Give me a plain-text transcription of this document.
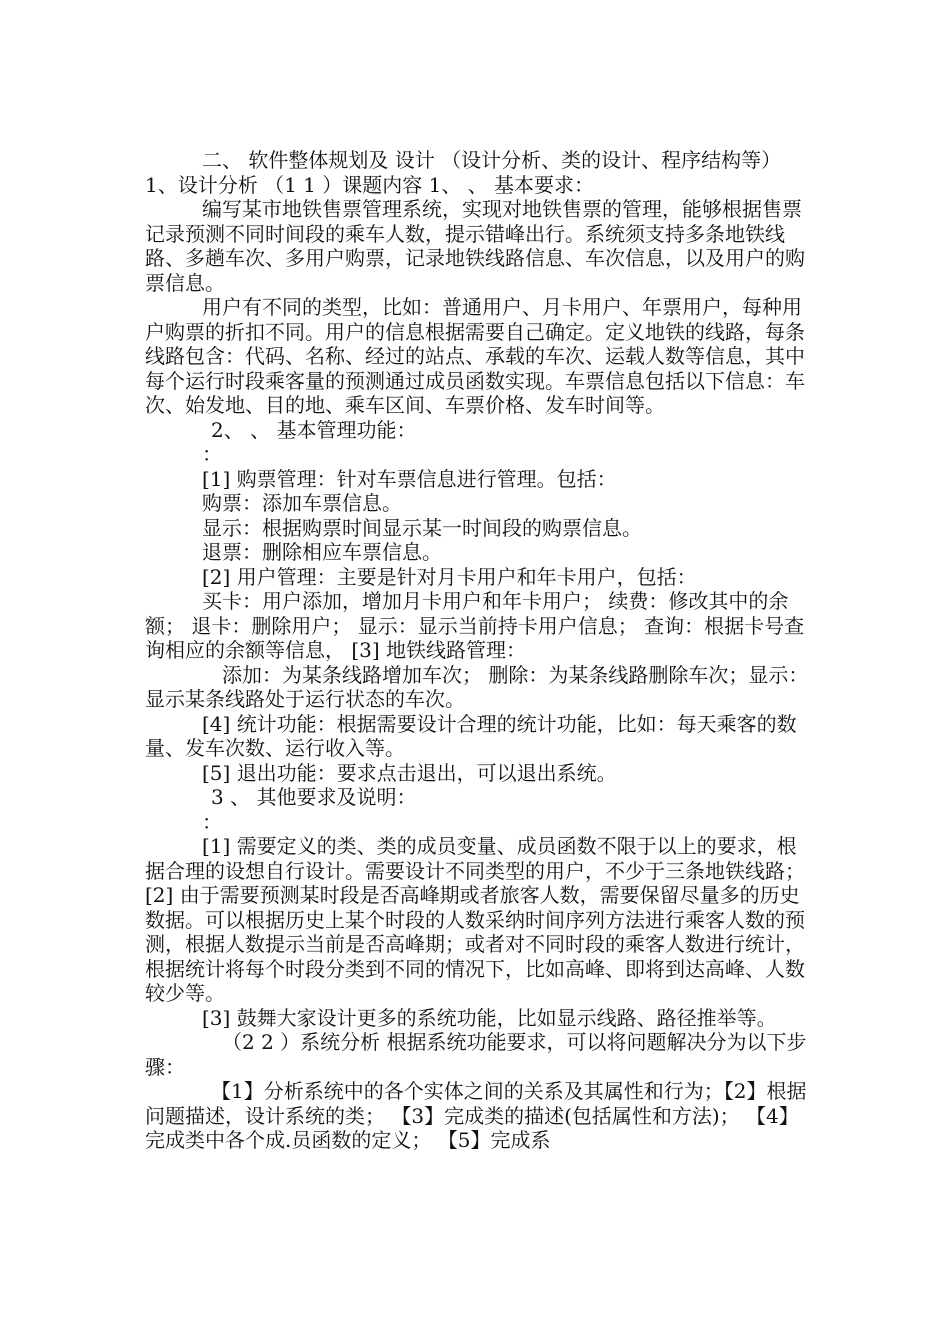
二、 软件整体规划及 设计 （设计分析、类的设计、程序结构等） 1、设计分析 （1 1 ）课题内容 1、 、 基本要求：

编写某市地铁售票管理系统，实现对地铁售票的管理，能够根据售票记录预测不同时间段的乘车人数，提示错峰出行。系统须支持多条地铁线路、多趟车次、多用户购票，记录地铁线路信息、车次信息，以及用户的购票信息。

用户有不同的类型，比如：普通用户、月卡用户、年票用户，每种用户购票的折扣不同。用户的信息根据需要自己确定。定义地铁的线路，每条线路包含：代码、名称、经过的站点、承载的车次、运载人数等信息，其中每个运行时段乘客量的预测通过成员函数实现。车票信息包括以下信息：车次、始发地、目的地、乘车区间、车票价格、发车时间等。

2、 、 基本管理功能：

：

[1] 购票管理：针对车票信息进行管理。包括：

购票：添加车票信息。

显示：根据购票时间显示某一时间段的购票信息。

退票：删除相应车票信息。

[2] 用户管理：主要是针对月卡用户和年卡用户，包括：

买卡：用户添加，增加月卡用户和年卡用户； 续费：修改其中的余额； 退卡：删除用户； 显示：显示当前持卡用户信息； 查询：根据卡号查询相应的余额等信息， [3] 地铁线路管理：

添加：为某条线路增加车次； 删除：为某条线路删除车次；显示：显示某条线路处于运行状态的车次。

[4] 统计功能：根据需要设计合理的统计功能，比如：每天乘客的数量、发车次数、运行收入等。

[5] 退出功能：要求点击退出，可以退出系统。

3 、 其他要求及说明：

：

[1] 需要定义的类、类的成员变量、成员函数不限于以上的要求，根据合理的设想自行设计。需要设计不同类型的用户，不少于三条地铁线路； [2] 由于需要预测某时段是否高峰期或者旅客人数，需要保留尽量多的历史数据。可以根据历史上某个时段的人数采纳时间序列方法进行乘客人数的预测，根据人数提示当前是否高峰期；或者对不同时段的乘客人数进行统计，根据统计将每个时段分类到不同的情况下，比如高峰、即将到达高峰、人数较少等。

[3] 鼓舞大家设计更多的系统功能，比如显示线路、路径推举等。

（2 2 ）系统分析 根据系统功能要求，可以将问题解决分为以下步骤：

【1】分析系统中的各个实体之间的关系及其属性和行为；【2】根据问题描述，设计系统的类； 【3】完成类的描述(包括属性和方法)； 【4】完成类中各个成.员函数的定义； 【5】完成系
